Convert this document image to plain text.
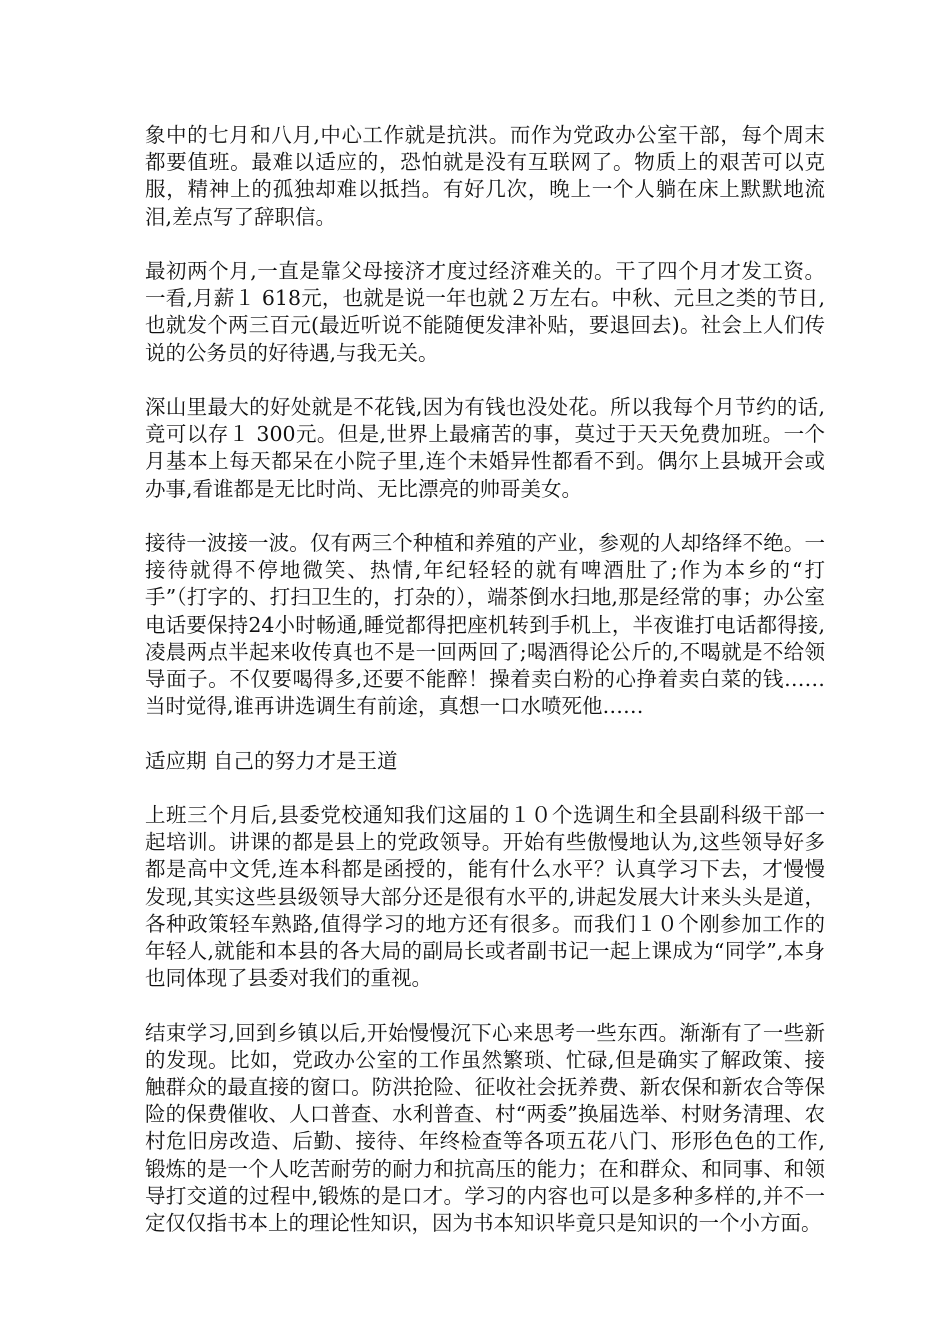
象中的七月和八月,中心工作就是抗洪。而作为党政办公室干部，每个周末都要值班。最难以适应的，恐怕就是没有互联网了。物质上的艰苦可以克服，精神上的孤独却难以抵挡。有好几次，晚上一个人躺在床上默默地流泪,差点写了辞职信。

最初两个月,一直是靠父母接济才度过经济难关的。干了四个月才发工资。一看,月薪１ 618元，也就是说一年也就２万左右。中秋、元旦之类的节日,也就发个两三百元(最近听说不能随便发津补贴，要退回去)。社会上人们传说的公务员的好待遇,与我无关。

深山里最大的好处就是不花钱,因为有钱也没处花。所以我每个月节约的话,竟可以存１ 300元。但是,世界上最痛苦的事，莫过于天天免费加班。一个月基本上每天都呆在小院子里,连个未婚异性都看不到。偶尔上县城开会或办事,看谁都是无比时尚、无比漂亮的帅哥美女。

接待一波接一波。仅有两三个种植和养殖的产业，参观的人却络绎不绝。一接待就得不停地微笑、热情,年纪轻轻的就有啤酒肚了;作为本乡的“打手”（打字的、打扫卫生的，打杂的），端茶倒水扫地,那是经常的事；办公室电话要保持24小时畅通,睡觉都得把座机转到手机上，半夜谁打电话都得接,凌晨两点半起来收传真也不是一回两回了;喝酒得论公斤的,不喝就是不给领导面子。不仅要喝得多,还要不能醉！操着卖白粉的心挣着卖白菜的钱……当时觉得,谁再讲选调生有前途，真想一口水喷死他……

适应期 自己的努力才是王道

上班三个月后,县委党校通知我们这届的１０个选调生和全县副科级干部一起培训。讲课的都是县上的党政领导。开始有些傲慢地认为,这些领导好多都是高中文凭,连本科都是函授的，能有什么水平？认真学习下去，才慢慢发现,其实这些县级领导大部分还是很有水平的,讲起发展大计来头头是道，各种政策轻车熟路,值得学习的地方还有很多。而我们１０个刚参加工作的年轻人,就能和本县的各大局的副局长或者副书记一起上课成为“同学”,本身也同体现了县委对我们的重视。

结束学习,回到乡镇以后,开始慢慢沉下心来思考一些东西。渐渐有了一些新的发现。比如，党政办公室的工作虽然繁琐、忙碌,但是确实了解政策、接触群众的最直接的窗口。防洪抢险、征收社会抚养费、新农保和新农合等保险的保费催收、人口普查、水利普查、村“两委”换届选举、村财务清理、农村危旧房改造、后勤、接待、年终检查等各项五花八门、形形色色的工作,锻炼的是一个人吃苦耐劳的耐力和抗高压的能力；在和群众、和同事、和领导打交道的过程中,锻炼的是口才。学习的内容也可以是多种多样的,并不一定仅仅指书本上的理论性知识，因为书本知识毕竟只是知识的一个小方面。
